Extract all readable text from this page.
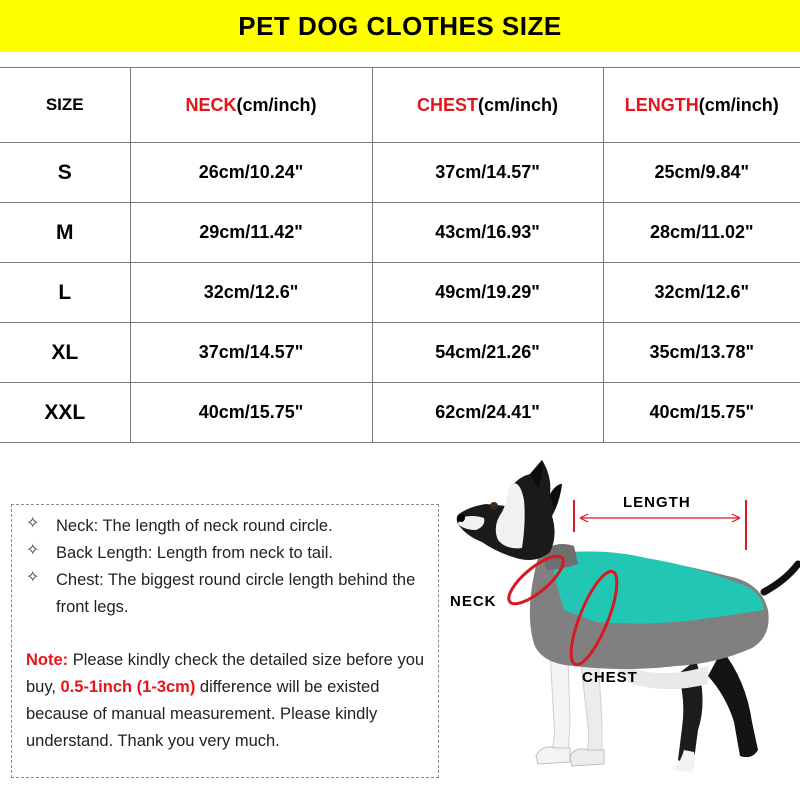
PET DOG CLOTHES SIZE
SIZE	NECK(cm/inch)	CHEST(cm/inch)	LENGTH(cm/inch)
S	26cm/10.24"	37cm/14.57"	25cm/9.84"
M	29cm/11.42"	43cm/16.93"	28cm/11.02"
L	32cm/12.6"	49cm/19.29"	32cm/12.6"
XL	37cm/14.57"	54cm/21.26"	35cm/13.78"
XXL	40cm/15.75"	62cm/24.41"	40cm/15.75"
✧	Neck: The length of neck round circle.
✧	Back Length: Length from neck to tail.
✧	Chest: The biggest round circle length behind the front legs.
Note: Please kindly check the detailed size before you buy, 0.5-1inch (1-3cm) difference will be existed because of manual measurement. Please kindly understand. Thank you very much.
LENGTH
NECK
CHEST
